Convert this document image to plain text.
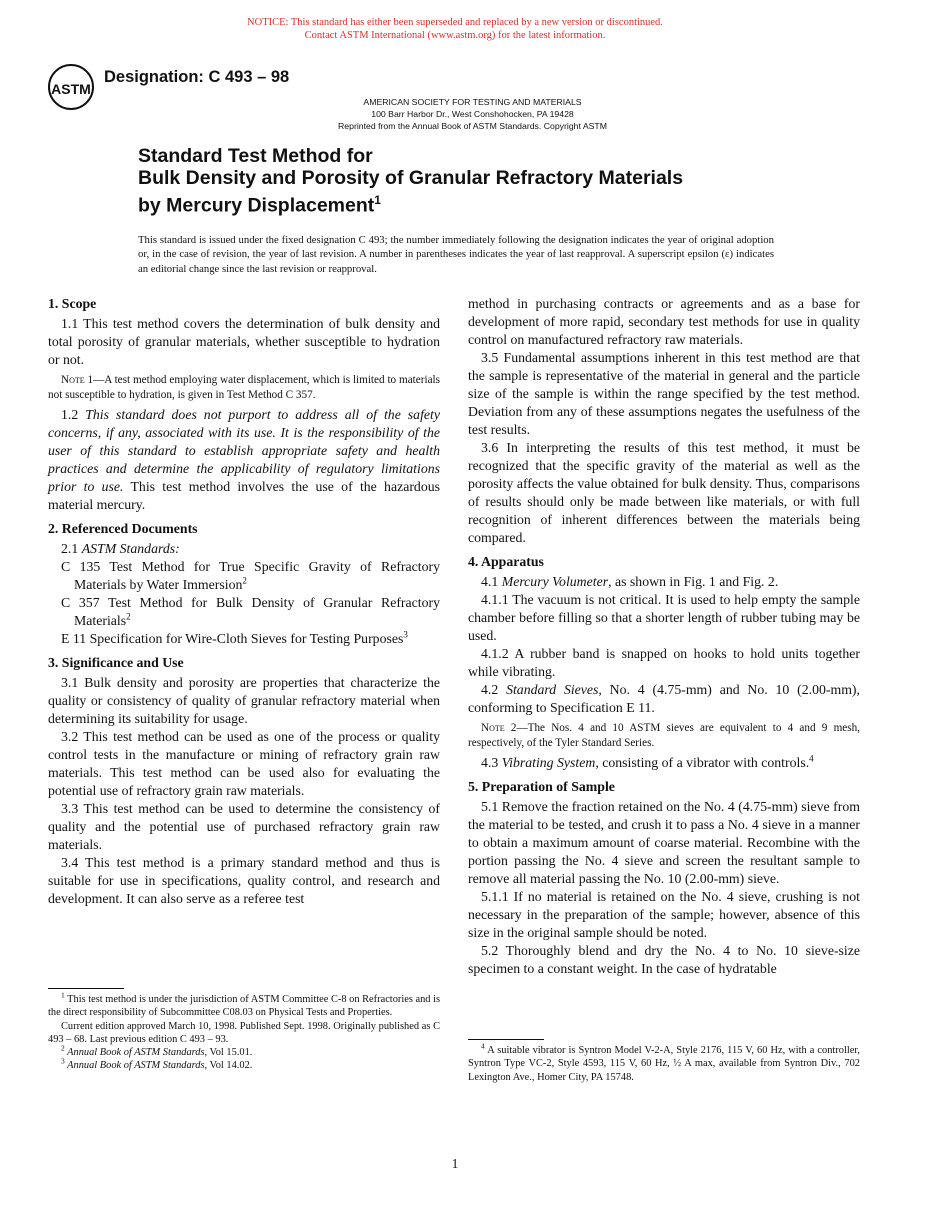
NOTICE: This standard has either been superseded and replaced by a new version or discontinued.
Contact ASTM International (www.astm.org) for the latest information.
ASTM
Designation: C 493 – 98
AMERICAN SOCIETY FOR TESTING AND MATERIALS
100 Barr Harbor Dr., West Conshohocken, PA 19428
Reprinted from the Annual Book of ASTM Standards. Copyright ASTM
Standard Test Method for
Bulk Density and Porosity of Granular Refractory Materials
by Mercury Displacement$^1$
This standard is issued under the fixed designation C 493; the number immediately following the designation indicates the year of original adoption or, in the case of revision, the year of last revision. A number in parentheses indicates the year of last reapproval. A superscript epsilon (ε) indicates an editorial change since the last revision or reapproval.
1. Scope

1.1 This test method covers the determination of bulk density and total porosity of granular materials, whether susceptible to hydration or not.

Note 1—A test method employing water displacement, which is limited to materials not susceptible to hydration, is given in Test Method C 357.

1.2 This standard does not purport to address all of the safety concerns, if any, associated with its use. It is the responsibility of the user of this standard to establish appropriate safety and health practices and determine the applicability of regulatory limitations prior to use. This test method involves the use of the hazardous material mercury.

2. Referenced Documents

2.1 ASTM Standards:

C 135 Test Method for True Specific Gravity of Refractory Materials by Water Immersion$^2$

C 357 Test Method for Bulk Density of Granular Refractory Materials$^2$

E 11 Specification for Wire-Cloth Sieves for Testing Purposes$^3$

3. Significance and Use

3.1 Bulk density and porosity are properties that characterize the quality or consistency of quality of granular refractory material when determining its suitability for usage.

3.2 This test method can be used as one of the process or quality control tests in the manufacture or mining of refractory grain raw materials. This test method can be used also for evaluating the potential use of refractory grain raw materials.

3.3 This test method can be used to determine the consistency of quality and the potential use of purchased refractory grain raw materials.

3.4 This test method is a primary standard method and thus is suitable for use in specifications, quality control, and research and development. It can also serve as a referee test

method in purchasing contracts or agreements and as a base for development of more rapid, secondary test methods for use in quality control on manufactured refractory raw materials.

3.5 Fundamental assumptions inherent in this test method are that the sample is representative of the material in general and the particle size of the sample is within the range specified by the test method. Deviation from any of these assumptions negates the usefulness of the test results.

3.6 In interpreting the results of this test method, it must be recognized that the specific gravity of the material as well as the porosity affects the value obtained for bulk density. Thus, comparisons of results should only be made between like materials, or with full recognition of inherent differences between the materials being compared.

4. Apparatus

4.1 Mercury Volumeter, as shown in Fig. 1 and Fig. 2.

4.1.1 The vacuum is not critical. It is used to help empty the sample chamber before filling so that a shorter length of rubber tubing may be used.

4.1.2 A rubber band is snapped on hooks to hold units together while vibrating.

4.2 Standard Sieves, No. 4 (4.75-mm) and No. 10 (2.00-mm), conforming to Specification E 11.

Note 2—The Nos. 4 and 10 ASTM sieves are equivalent to 4 and 9 mesh, respectively, of the Tyler Standard Series.

4.3 Vibrating System, consisting of a vibrator with controls.$^4$

5. Preparation of Sample

5.1 Remove the fraction retained on the No. 4 (4.75-mm) sieve from the material to be tested, and crush it to pass a No. 4 sieve in a manner to obtain a maximum amount of coarse material. Recombine with the portion passing the No. 4 sieve and screen the resultant sample to remove all material passing the No. 10 (2.00-mm) sieve.

5.1.1 If no material is retained on the No. 4 sieve, crushing is not necessary in the preparation of the sample; however, absence of this size in the original sample should be noted.

5.2 Thoroughly blend and dry the No. 4 to No. 10 sieve-size specimen to a constant weight. In the case of hydratable

$^1$ This test method is under the jurisdiction of ASTM Committee C-8 on Refractories and is the direct responsibility of Subcommittee C08.03 on Physical Tests and Properties.

Current edition approved March 10, 1998. Published Sept. 1998. Originally published as C 493 – 68. Last previous edition C 493 – 93.

$^2$ Annual Book of ASTM Standards, Vol 15.01.

$^3$ Annual Book of ASTM Standards, Vol 14.02.

$^4$ A suitable vibrator is Syntron Model V-2-A, Style 2176, 115 V, 60 Hz, with a controller, Syntron Type VC-2, Style 4593, 115 V, 60 Hz, ½ A max, available from Syntron Div., 702 Lexington Ave., Homer City, PA 15748.

1
